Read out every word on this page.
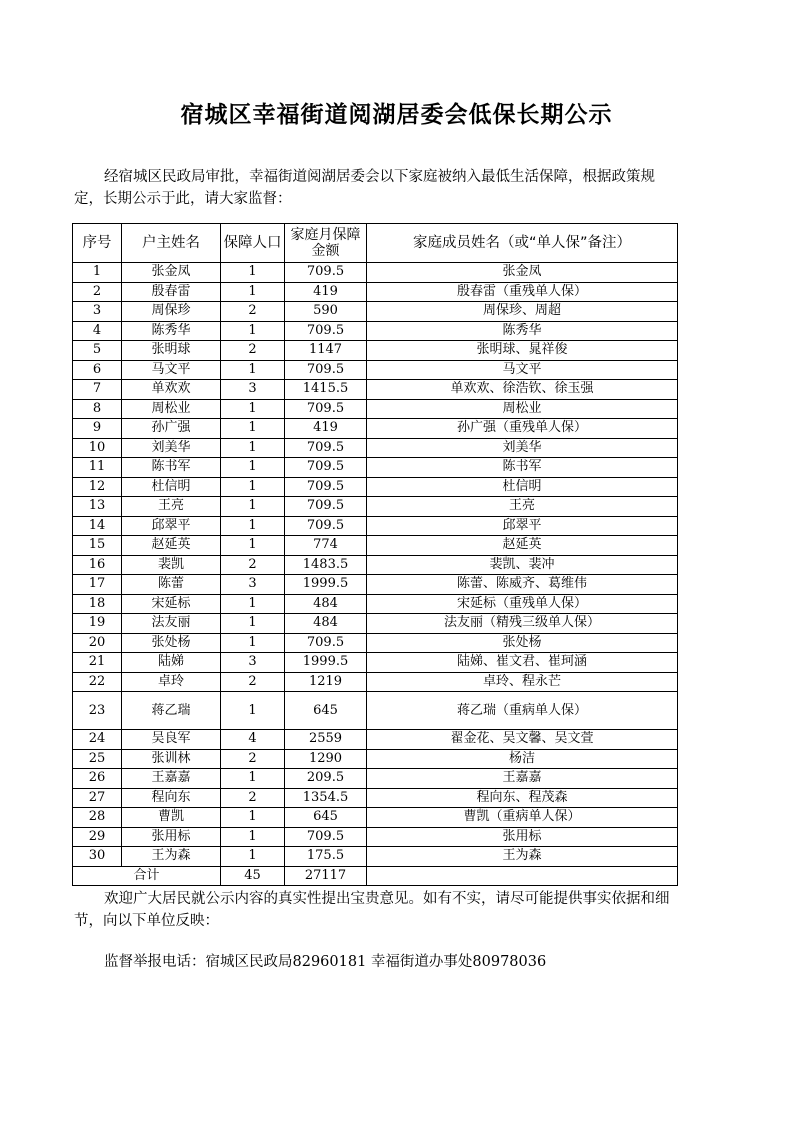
宿城区幸福街道阅湖居委会低保长期公示
经宿城区民政局审批，幸福街道阅湖居委会以下家庭被纳入最低生活保障，根据政策规定，长期公示于此，请大家监督：
序号	户主姓名	保障人口	家庭月保障金额	家庭成员姓名（或“单人保”备注）
1	张金凤	1	709.5	张金凤
2	殷春雷	1	419	殷春雷（重残单人保）
3	周保珍	2	590	周保珍、周超
4	陈秀华	1	709.5	陈秀华
5	张明球	2	1147	张明球、晁祥俊
6	马文平	1	709.5	马文平
7	单欢欢	3	1415.5	单欢欢、徐浩钦、徐玉强
8	周松业	1	709.5	周松业
9	孙广强	1	419	孙广强（重残单人保）
10	刘美华	1	709.5	刘美华
11	陈书军	1	709.5	陈书军
12	杜信明	1	709.5	杜信明
13	王亮	1	709.5	王亮
14	邱翠平	1	709.5	邱翠平
15	赵延英	1	774	赵延英
16	裴凯	2	1483.5	裴凯、裴冲
17	陈蕾	3	1999.5	陈蕾、陈威齐、葛维伟
18	宋延标	1	484	宋延标（重残单人保）
19	法友丽	1	484	法友丽（精残三级单人保）
20	张处杨	1	709.5	张处杨
21	陆娣	3	1999.5	陆娣、崔文君、崔珂涵
22	卓玲	2	1219	卓玲、程永芒
23	蒋乙瑞	1	645	蒋乙瑞（重病单人保）
24	吴良军	4	2559	翟金花、吴文馨、吴文萱
25	张训林	2	1290	杨洁
26	王嘉嘉	1	209.5	王嘉嘉
27	程向东	2	1354.5	程向东、程茂森
28	曹凯	1	645	曹凯（重病单人保）
29	张用标	1	709.5	张用标
30	王为森	1	175.5	王为森
合计		45	27117	
欢迎广大居民就公示内容的真实性提出宝贵意见。如有不实，请尽可能提供事实依据和细节，向以下单位反映：
监督举报电话：宿城区民政局82960181 幸福街道办事处80978036
